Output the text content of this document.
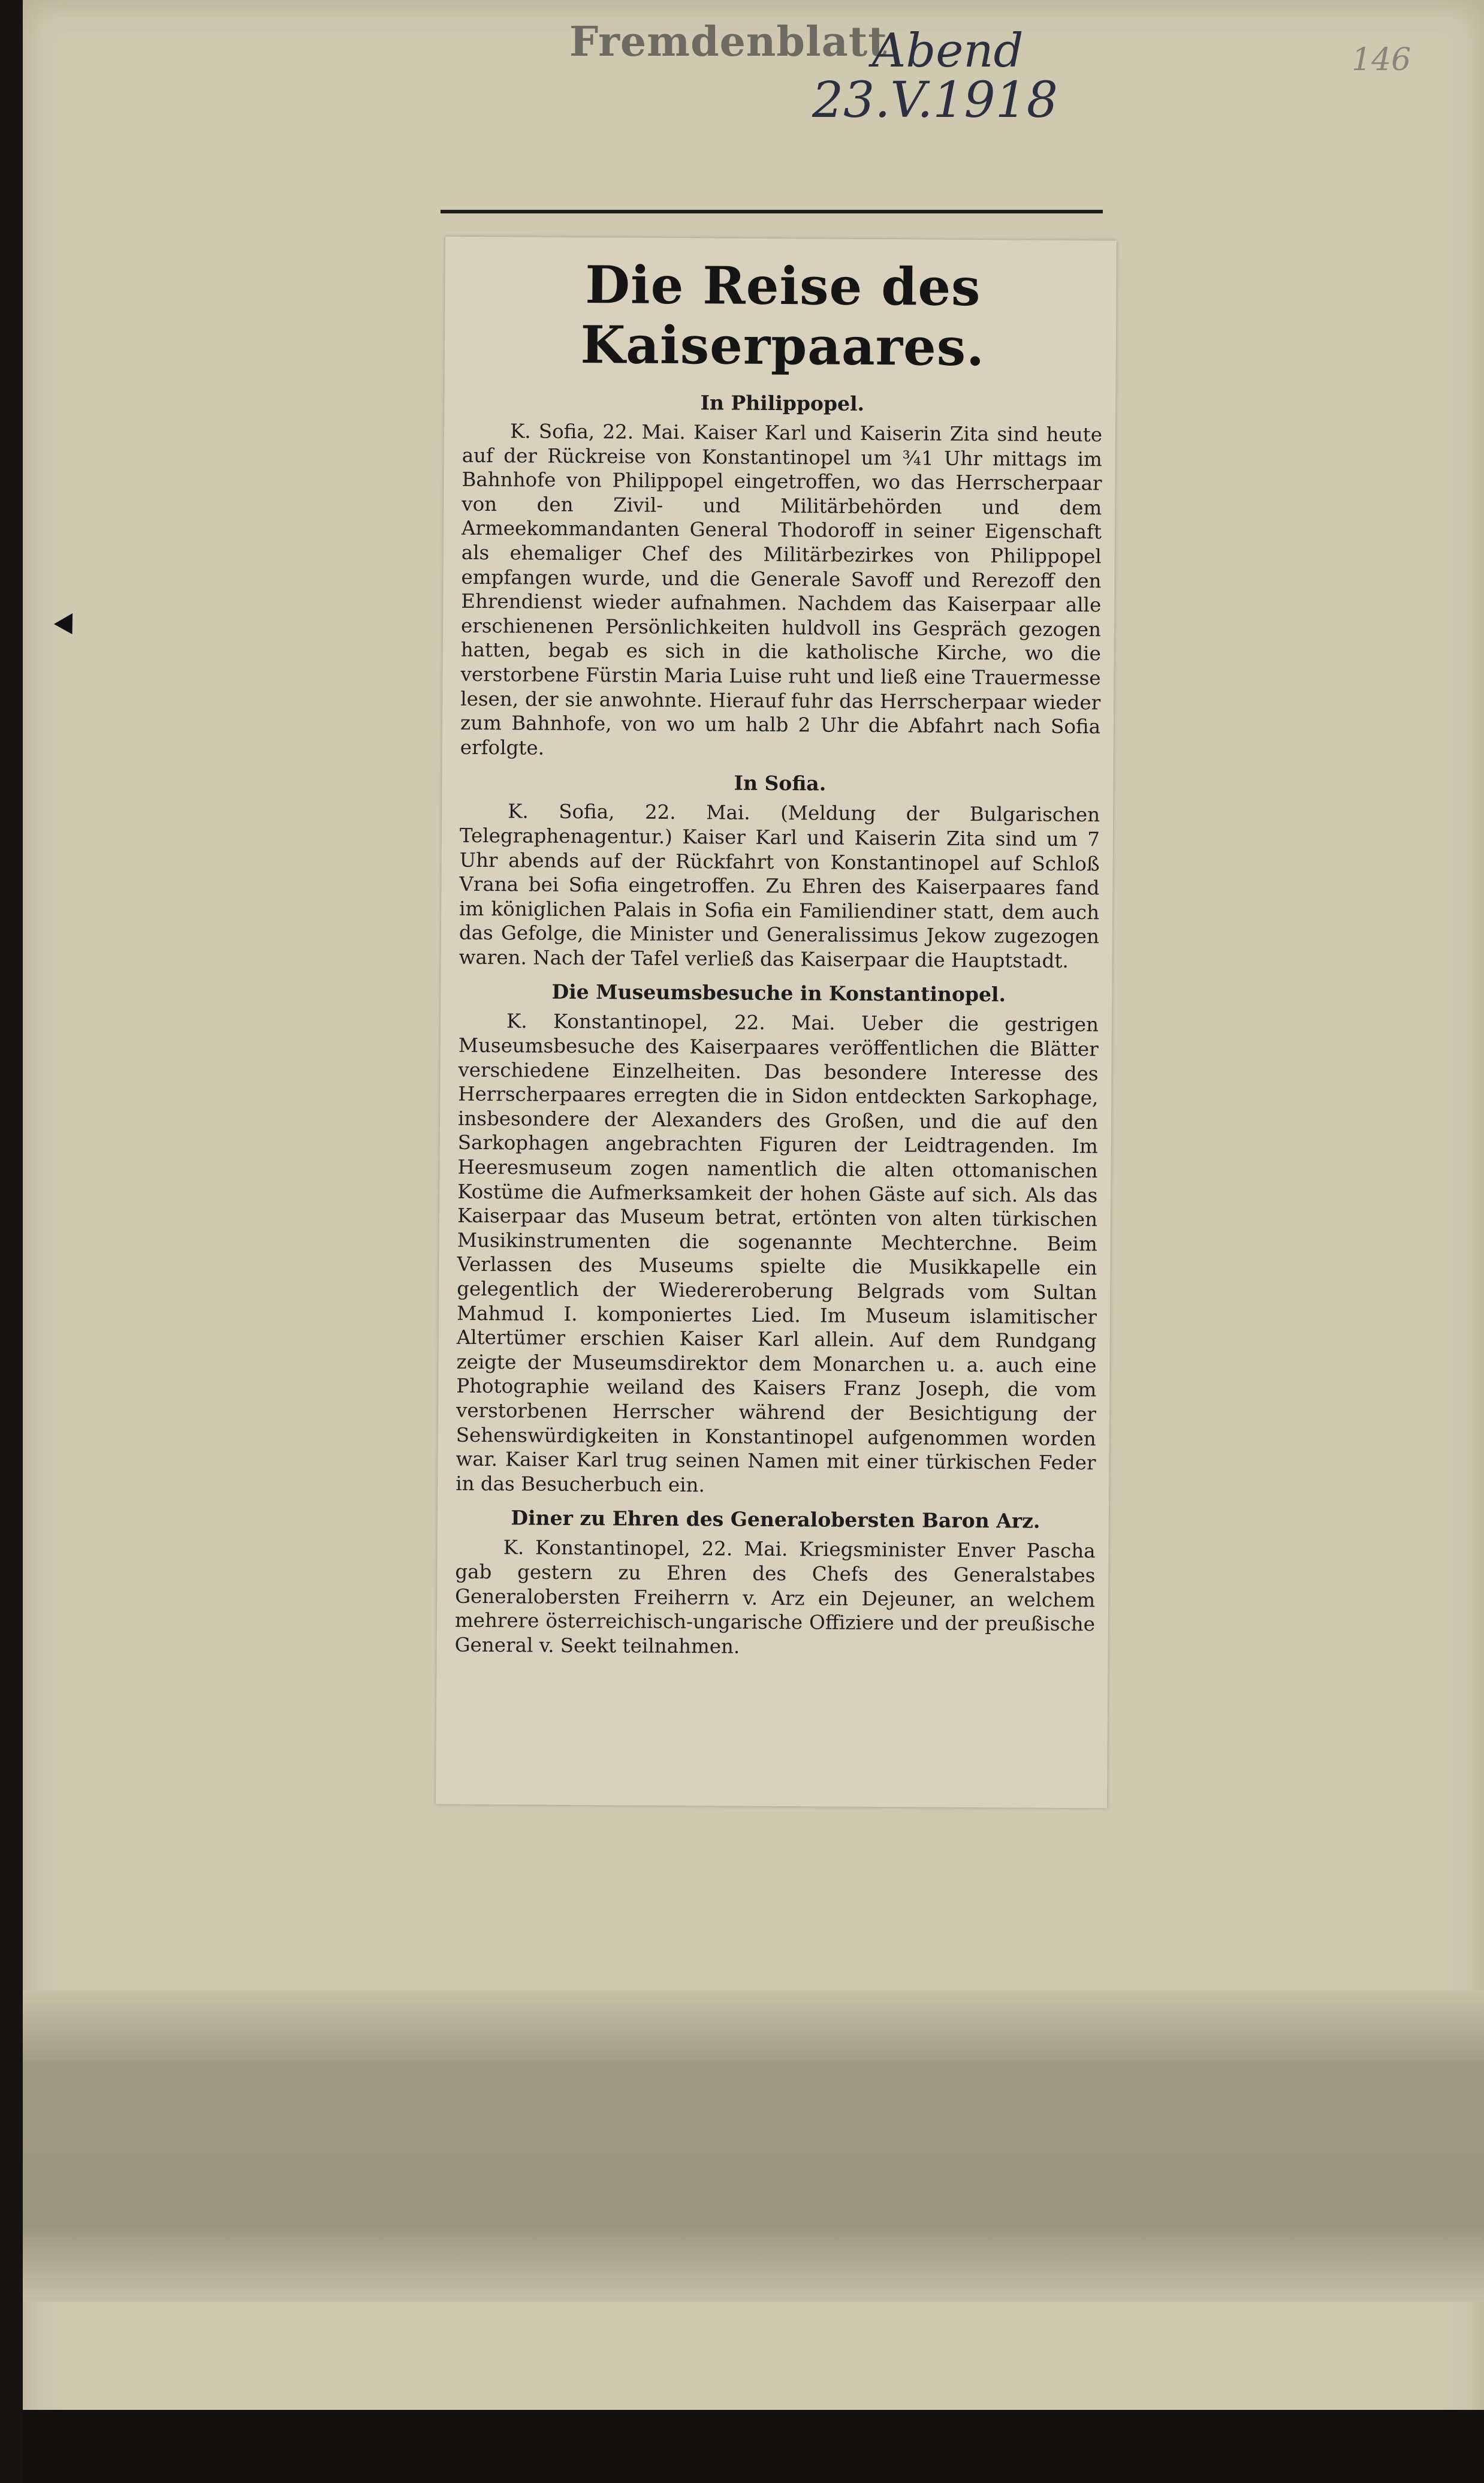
Fremdenblatt
Abend
23.V.1918
146
Die Reise des Kaiserpaares.
In Philippopel.

K. Sofia, 22. Mai. Kaiser Karl und Kaiserin Zita sind heute auf der Rückreise von Konstantinopel um ¾1 Uhr mittags im Bahnhofe von Philippopel eingetroffen, wo das Herrscherpaar von den Zivil- und Militärbehörden und dem Armeekommandanten General Thodoroff in seiner Eigenschaft als ehemaliger Chef des Militärbezirkes von Philippopel empfangen wurde, und die Generale Savoff und Rerezoff den Ehrendienst wieder aufnahmen. Nachdem das Kaiserpaar alle erschienenen Persönlichkeiten huldvoll ins Gespräch gezogen hatten, begab es sich in die katholische Kirche, wo die verstorbene Fürstin Maria Luise ruht und ließ eine Trauermesse lesen, der sie anwohnte. Hierauf fuhr das Herrscherpaar wieder zum Bahnhofe, von wo um halb 2 Uhr die Abfahrt nach Sofia erfolgte.

In Sofia.

K. Sofia, 22. Mai. (Meldung der Bulgarischen Telegraphenagentur.) Kaiser Karl und Kaiserin Zita sind um 7 Uhr abends auf der Rückfahrt von Konstantinopel auf Schloß Vrana bei Sofia eingetroffen. Zu Ehren des Kaiserpaares fand im königlichen Palais in Sofia ein Familiendiner statt, dem auch das Gefolge, die Minister und Generalissimus Jekow zugezogen waren. Nach der Tafel verließ das Kaiserpaar die Hauptstadt.

Die Museumsbesuche in Konstantinopel.

K. Konstantinopel, 22. Mai. Ueber die gestrigen Museumsbesuche des Kaiserpaares veröffentlichen die Blätter verschiedene Einzelheiten. Das besondere Interesse des Herrscherpaares erregten die in Sidon entdeckten Sarkophage, insbesondere der Alexanders des Großen, und die auf den Sarkophagen angebrachten Figuren der Leidtragenden. Im Heeresmuseum zogen namentlich die alten ottomanischen Kostüme die Aufmerksamkeit der hohen Gäste auf sich. Als das Kaiserpaar das Museum betrat, ertönten von alten türkischen Musikinstrumenten die sogenannte Mechterchne. Beim Verlassen des Museums spielte die Musikkapelle ein gelegentlich der Wiedereroberung Belgrads vom Sultan Mahmud I. komponiertes Lied. Im Museum islamitischer Altertümer erschien Kaiser Karl allein. Auf dem Rundgang zeigte der Museumsdirektor dem Monarchen u. a. auch eine Photographie weiland des Kaisers Franz Joseph, die vom verstorbenen Herrscher während der Besichtigung der Sehenswürdigkeiten in Konstantinopel aufgenommen worden war. Kaiser Karl trug seinen Namen mit einer türkischen Feder in das Besucherbuch ein.

Diner zu Ehren des Generalobersten Baron Arz.

K. Konstantinopel, 22. Mai. Kriegsminister Enver Pascha gab gestern zu Ehren des Chefs des Generalstabes Generalobersten Freiherrn v. Arz ein Dejeuner, an welchem mehrere österreichisch-ungarische Offiziere und der preußische General v. Seekt teilnahmen.
